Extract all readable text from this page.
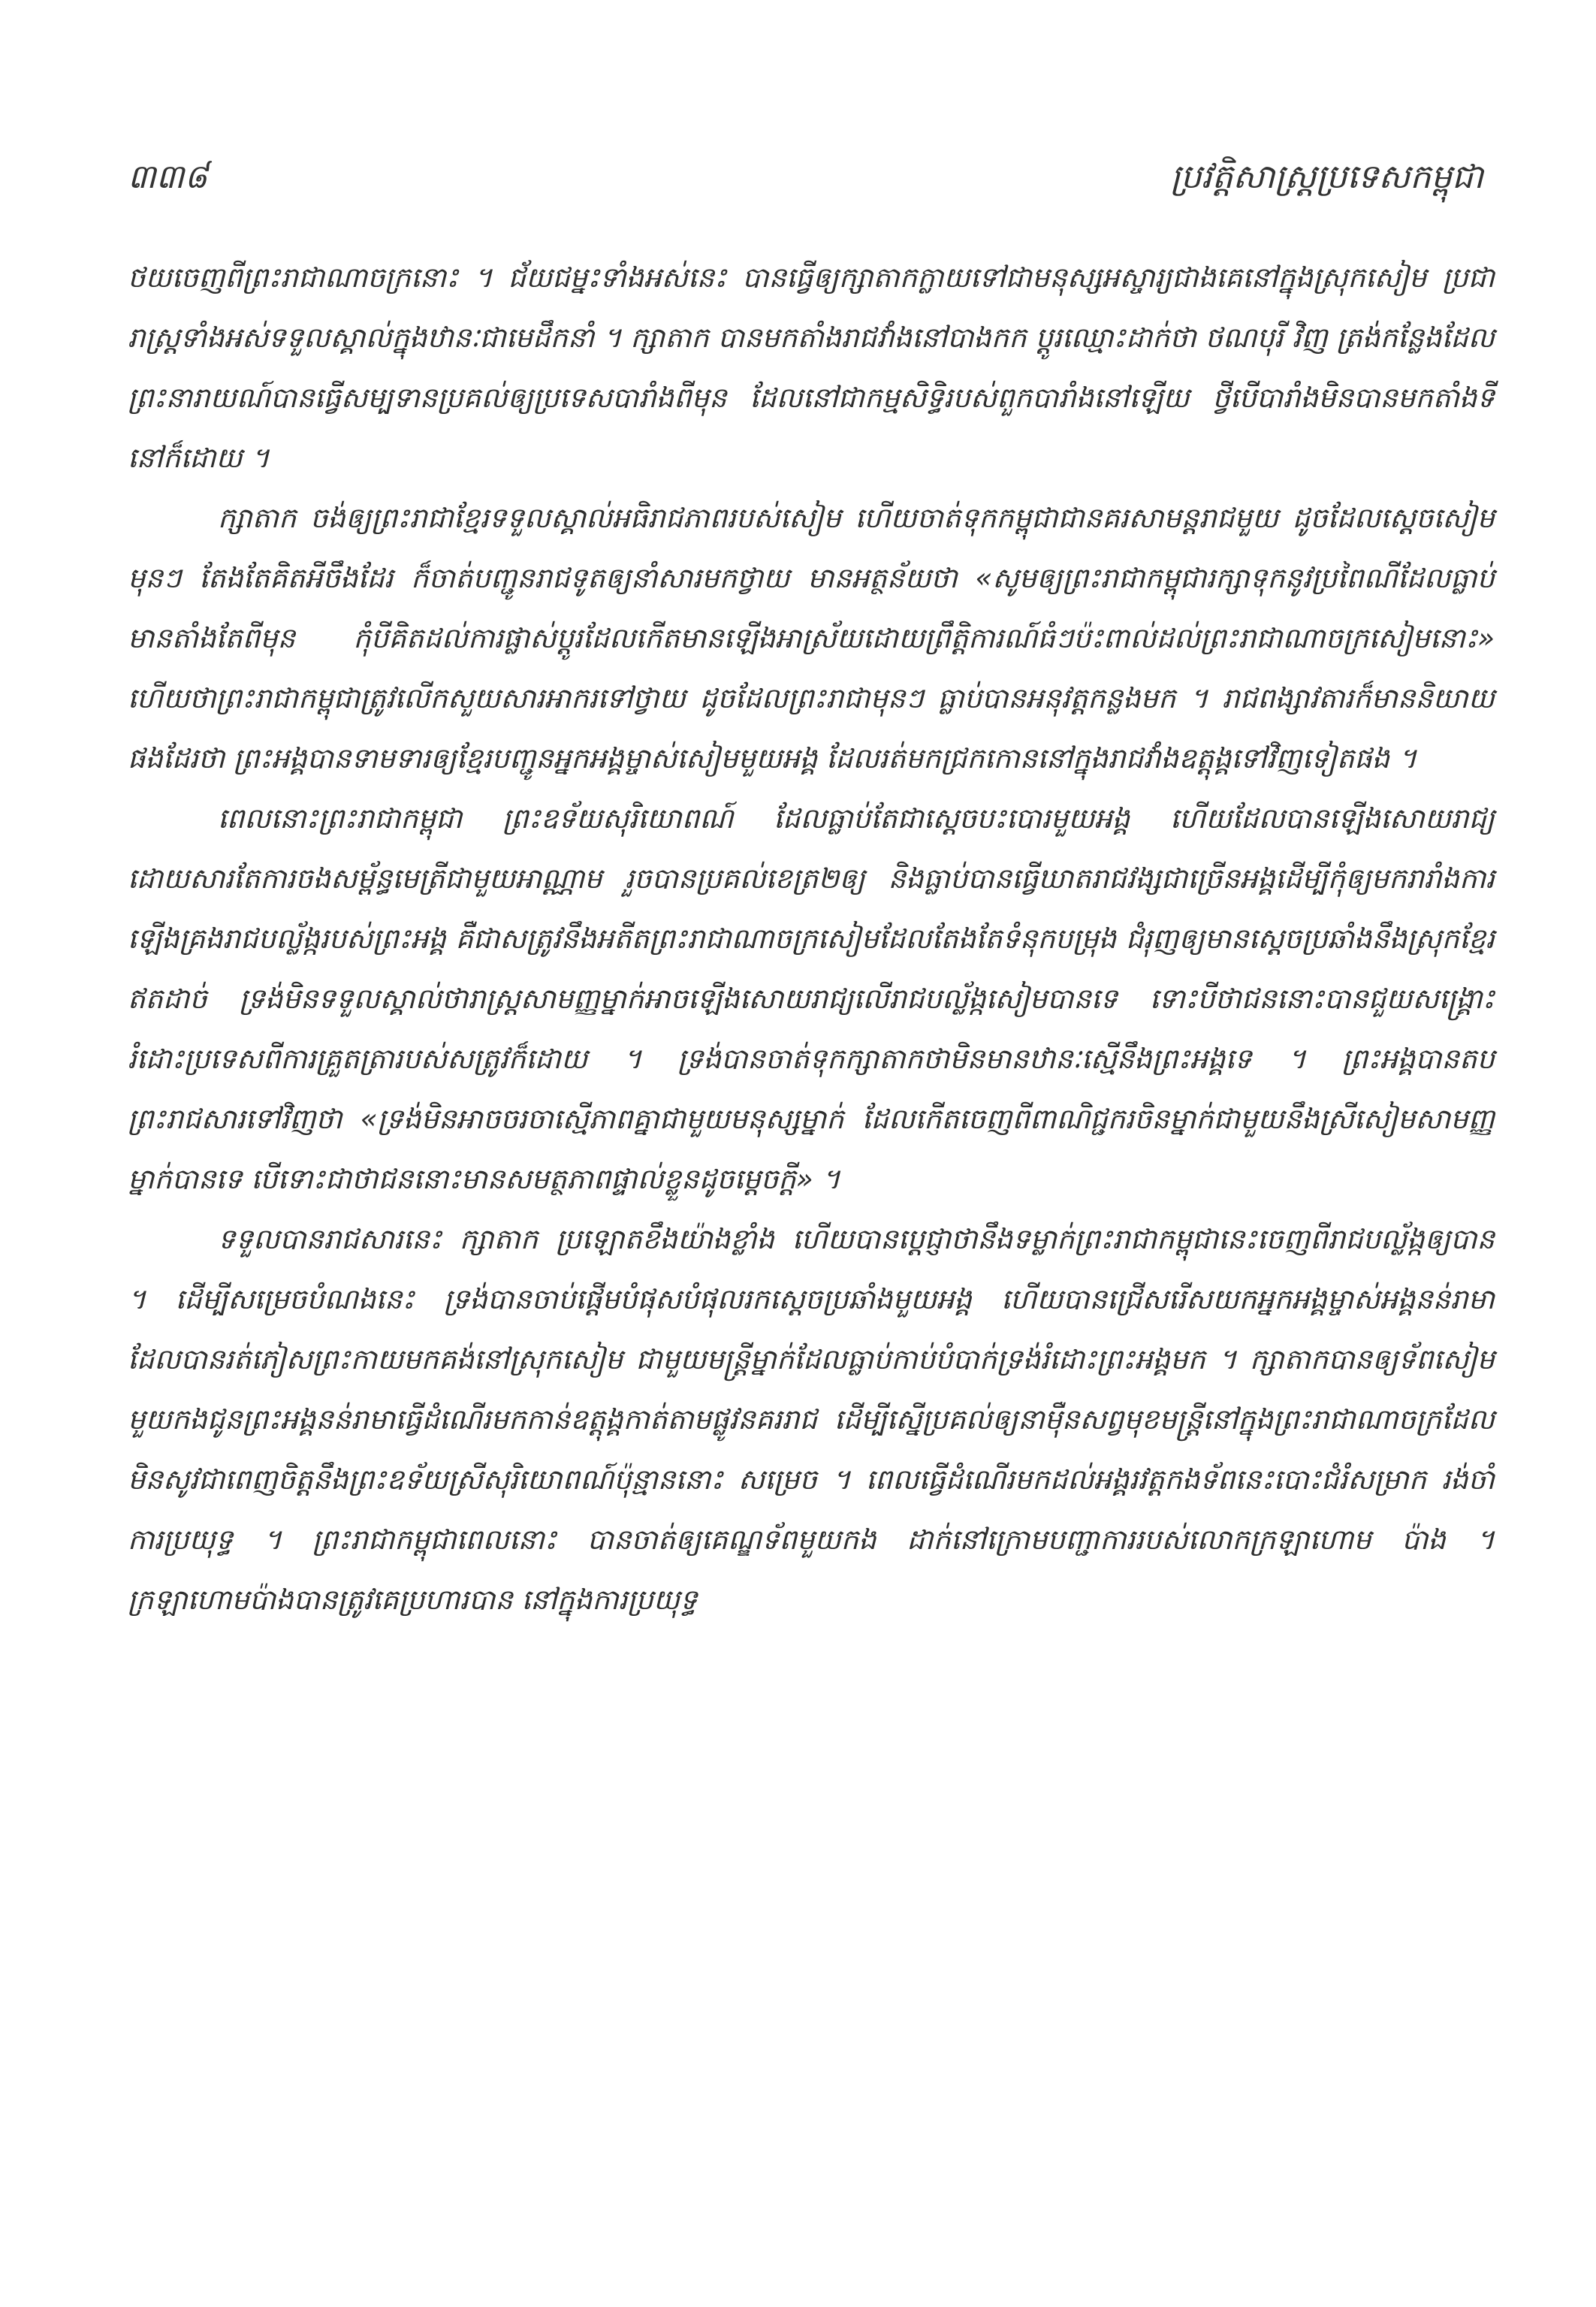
៣៣៨	ប្រវត្តិសាស្ត្រប្រទេសកម្ពុជា

ថយចេញពីព្រះរាជាណាចក្រនោះ ។ ជ័យជម្នះទាំងអស់នេះ បានធ្វើឲ្យក្សាតាកក្លាយទៅជាមនុស្សអស្ចារ្យជាងគេនៅក្នុងស្រុកសៀម ប្រជារាស្ត្រទាំងអស់ទទួលស្គាល់ក្នុងឋានៈជាមេដឹកនាំ ។ ក្សាតាក បានមកតាំងរាជវាំងនៅបាងកក ប្ដូរឈ្មោះដាក់ថា ថណបុរី វិញ ត្រង់កន្លែងដែលព្រះនារាយណ៍បានធ្វើសម្បទានប្រគល់ឲ្យប្រទេសបារាំងពីមុន ដែលនៅជាកម្មសិទ្ធិរបស់ពួកបារាំងនៅឡើយ ថ្វីបើបារាំងមិនបានមកតាំងទីនៅក៏ដោយ ។

ក្សាតាក ចង់ឲ្យព្រះរាជាខ្មែរទទួលស្គាល់អធិរាជភាពរបស់សៀម ហើយចាត់ទុកកម្ពុជាជានគរសាមន្តរាជមួយ ដូចដែលស្ដេចសៀមមុនៗ តែងតែគិតអីចឹងដែរ ក៏ចាត់បញ្ជូនរាជទូតឲ្យនាំសារមកថ្វាយ មានអត្ថន័យថា «សូមឲ្យព្រះរាជាកម្ពុជារក្សាទុកនូវប្រពៃណីដែលធ្លាប់មានតាំងតែពីមុន កុំបីគិតដល់ការផ្លាស់ប្ដូរដែលកើតមានឡើងអាស្រ័យដោយព្រឹត្តិការណ៍ធំៗប៉ះពាល់ដល់ព្រះរាជាណាចក្រសៀមនោះ» ហើយថាព្រះរាជាកម្ពុជាត្រូវលើកសួយសារអាករទៅថ្វាយ ដូចដែលព្រះរាជាមុនៗ ធ្លាប់បានអនុវត្តកន្លងមក ។ រាជពង្សាវតារក៏មាននិយាយផងដែរថា ព្រះអង្គបានទាមទារឲ្យខ្មែរបញ្ជូនអ្នកអង្គម្ចាស់សៀមមួយអង្គ ដែលរត់មកជ្រកកោននៅក្នុងរាជវាំងឧត្ដុង្គទៅវិញទៀតផង ។

ពេលនោះព្រះរាជាកម្ពុជា ព្រះឧទ័យសុរិយោពណ៍ ដែលធ្លាប់តែជាស្ដេចបះបោរមួយអង្គ ហើយដែលបានឡើងសោយរាជ្យដោយសារតែការចងសម្ព័ន្ធមេត្រីជាមួយអាណ្ណាម រួចបានប្រគល់ខេត្រ២ឲ្យ និងធ្លាប់បានធ្វើឃាតរាជវង្សជាច្រើនអង្គដើម្បីកុំឲ្យមករារាំងការឡើងគ្រងរាជបល្ល័ង្ករបស់ព្រះអង្គ គឺជាសត្រូវនឹងអតីតព្រះរាជាណាចក្រសៀមដែលតែងតែទំនុកបម្រុង ជំរុញឲ្យមានស្ដេចប្រឆាំងនឹងស្រុកខ្មែរឥតដាច់ ទ្រង់មិនទទួលស្គាល់ថារាស្ត្រសាមញ្ញម្នាក់អាចឡើងសោយរាជ្យលើរាជបល្ល័ង្កសៀមបានទេ ទោះបីថាជននោះបានជួយសង្គ្រោះរំដោះប្រទេសពីការគ្រួតត្រារបស់សត្រូវក៏ដោយ ។ ទ្រង់បានចាត់ទុកក្សាតាកថាមិនមានឋានៈស្មើនឹងព្រះអង្គទេ ។ ព្រះអង្គបានតបព្រះរាជសារទៅវិញថា «ទ្រង់មិនអាចចរចាស្មើភាពគ្នាជាមួយមនុស្សម្នាក់ ដែលកើតចេញពីពាណិជ្ជករចិនម្នាក់ជាមួយនឹងស្រីសៀមសាមញ្ញម្នាក់បានទេ បើទោះជាថាជននោះមានសមត្ថភាពផ្ទាល់ខ្លួនដូចម្ដេចក្ដី» ។

ទទួលបានរាជសារនេះ ក្សាតាក ប្រឡោតខឹងយ៉ាងខ្លាំង ហើយបានប្ដេជ្ញាថានឹងទម្លាក់ព្រះរាជាកម្ពុជានេះចេញពីរាជបល្ល័ង្កឲ្យបាន ។ ដើម្បីសម្រេចបំណងនេះ ទ្រង់បានចាប់ផ្ដើមបំផុសបំផុលរកស្ដេចប្រឆាំងមួយអង្គ ហើយបានជ្រើសរើសយកអ្នកអង្គម្ចាស់អង្គនន់រាមា ដែលបានរត់ភៀសព្រះកាយមកគង់នៅស្រុកសៀម ជាមួយមន្ត្រីម្នាក់ដែលធ្លាប់កាប់បំបាក់ទ្រង់រំដោះព្រះអង្គមក ។ ក្សាតាកបានឲ្យទ័ពសៀមមួយកងជូនព្រះអង្គនន់រាមាធ្វើដំណើរមកកាន់ឧត្ដុង្គកាត់តាមផ្លូវនគររាជ ដើម្បីស្នើប្រគល់ឲ្យនាម៉ឺនសព្វមុខមន្ត្រីនៅក្នុងព្រះរាជាណាចក្រដែលមិនសូវជាពេញចិត្តនឹងព្រះឧទ័យស្រីសុរិយោពណ៍ប៉ុន្មាននោះ សម្រេច ។ ពេលធ្វើដំណើរមកដល់អង្គរវត្តកងទ័ពនេះបោះជំរំសម្រាក រង់ចាំការប្រយុទ្ធ ។ ព្រះរាជាកម្ពុជាពេលនោះ បានចាត់ឲ្យគេណ្ឌទ័ពមួយកង ដាក់នៅក្រោមបញ្ជាការរបស់លោកក្រឡាហោម ប៉ាង ។ ក្រឡាហោមប៉ាងបានត្រូវគេប្រហារបាន នៅក្នុងការប្រយុទ្ធ
